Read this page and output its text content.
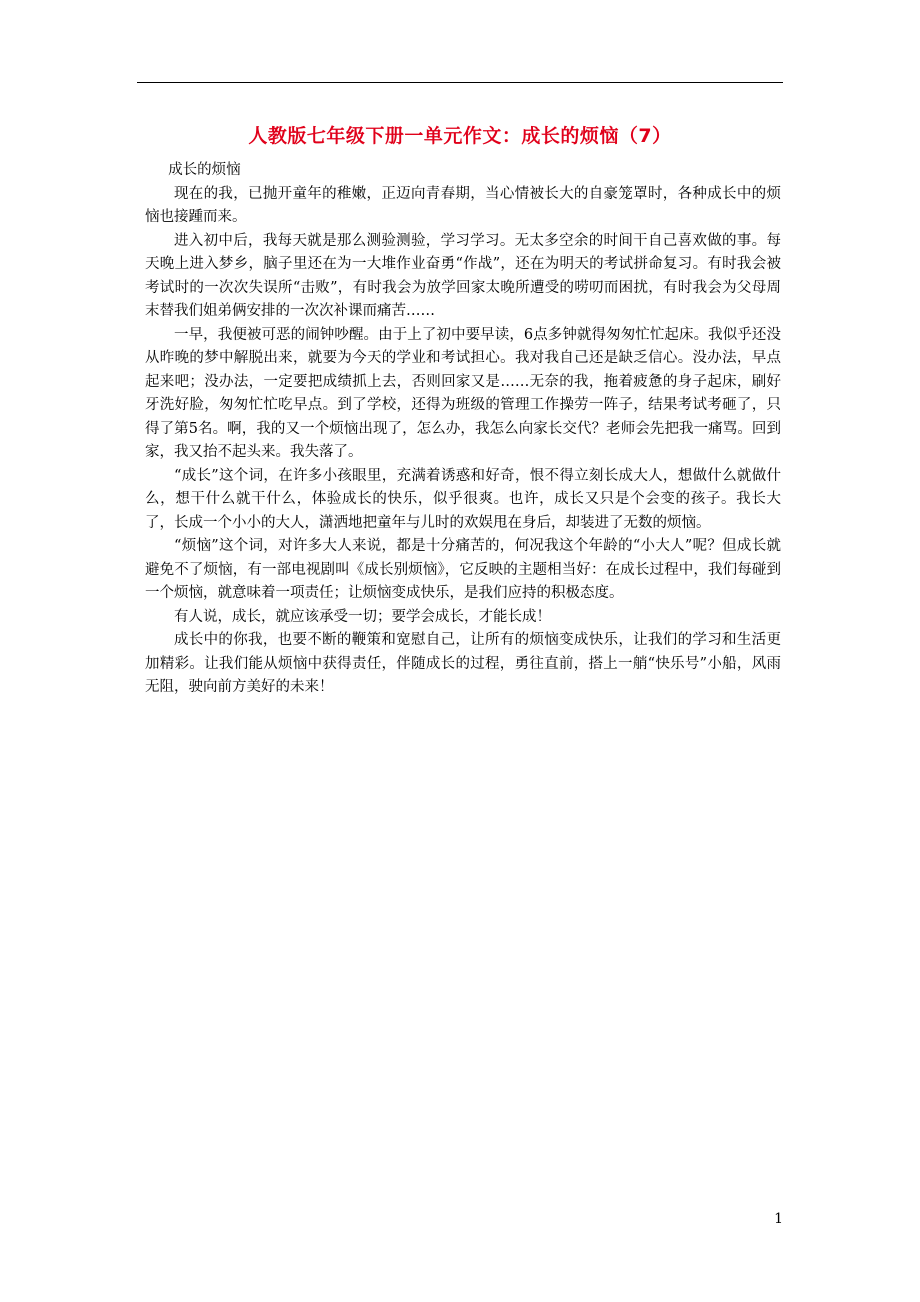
人教版七年级下册一单元作文：成长的烦恼（7）
成长的烦恼

现在的我，已抛开童年的稚嫩，正迈向青春期，当心情被长大的自豪笼罩时，各种成长中的烦恼也接踵而来。

进入初中后，我每天就是那么测验测验，学习学习。无太多空余的时间干自己喜欢做的事。每天晚上进入梦乡，脑子里还在为一大堆作业奋勇“作战”，还在为明天的考试拼命复习。有时我会被考试时的一次次失误所“击败”，有时我会为放学回家太晚所遭受的唠叨而困扰，有时我会为父母周末替我们姐弟俩安排的一次次补课而痛苦……

一早，我便被可恶的闹钟吵醒。由于上了初中要早读，6点多钟就得匆匆忙忙起床。我似乎还没从昨晚的梦中解脱出来，就要为今天的学业和考试担心。我对我自己还是缺乏信心。没办法，早点起来吧；没办法，一定要把成绩抓上去，否则回家又是……无奈的我，拖着疲惫的身子起床，刷好牙洗好脸，匆匆忙忙吃早点。到了学校，还得为班级的管理工作操劳一阵子，结果考试考砸了，只得了第5名。啊，我的又一个烦恼出现了，怎么办，我怎么向家长交代？老师会先把我一痛骂。回到家，我又抬不起头来。我失落了。

“成长”这个词，在许多小孩眼里，充满着诱惑和好奇，恨不得立刻长成大人，想做什么就做什么，想干什么就干什么，体验成长的快乐，似乎很爽。也许，成长又只是个会变的孩子。我长大了，长成一个小小的大人，潇洒地把童年与儿时的欢娱甩在身后，却装进了无数的烦恼。

“烦恼”这个词，对许多大人来说，都是十分痛苦的，何况我这个年龄的“小大人”呢？但成长就避免不了烦恼，有一部电视剧叫《成长别烦恼》，它反映的主题相当好：在成长过程中，我们每碰到一个烦恼，就意味着一项责任；让烦恼变成快乐，是我们应持的积极态度。

有人说，成长，就应该承受一切；要学会成长，才能长成！

成长中的你我，也要不断的鞭策和宽慰自己，让所有的烦恼变成快乐，让我们的学习和生活更加精彩。让我们能从烦恼中获得责任，伴随成长的过程，勇往直前，搭上一艄“快乐号”小船，风雨无阻，驶向前方美好的未来！

1
